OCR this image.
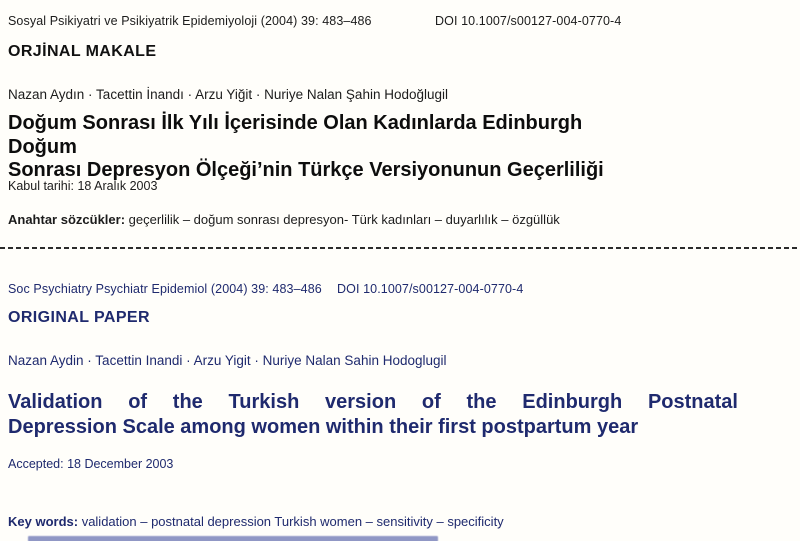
Sosyal Psikiyatri ve Psikiyatrik Epidemiyoloji (2004) 39: 483–486	DOI 10.1007/s00127-004-0770-4
ORJİNAL MAKALE
Nazan Aydın · Tacettin İnandı · Arzu Yiğit · Nuriye Nalan Şahin Hodoğlugil
Doğum Sonrası İlk Yılı İçerisinde Olan Kadınlarda Edinburgh Doğum
Sonrası Depresyon Ölçeği’nin Türkçe Versiyonunun Geçerliliği
Kabul tarihi: 18 Aralık 2003
Anahtar sözcükler: geçerlilik – doğum sonrası depresyon- Türk kadınları – duyarlılık – özgüllük
Soc Psychiatry Psychiatr Epidemiol (2004) 39: 483–486 DOI 10.1007/s00127-004-0770-4
ORIGINAL PAPER
Nazan Aydin · Tacettin Inandi · Arzu Yigit · Nuriye Nalan Sahin Hodoglugil
Validation of the Turkish version of the Edinburgh Postnatal
Depression Scale among women within their first postpartum year
Accepted: 18 December 2003
Key words: validation – postnatal depression Turkish women – sensitivity – specificity
